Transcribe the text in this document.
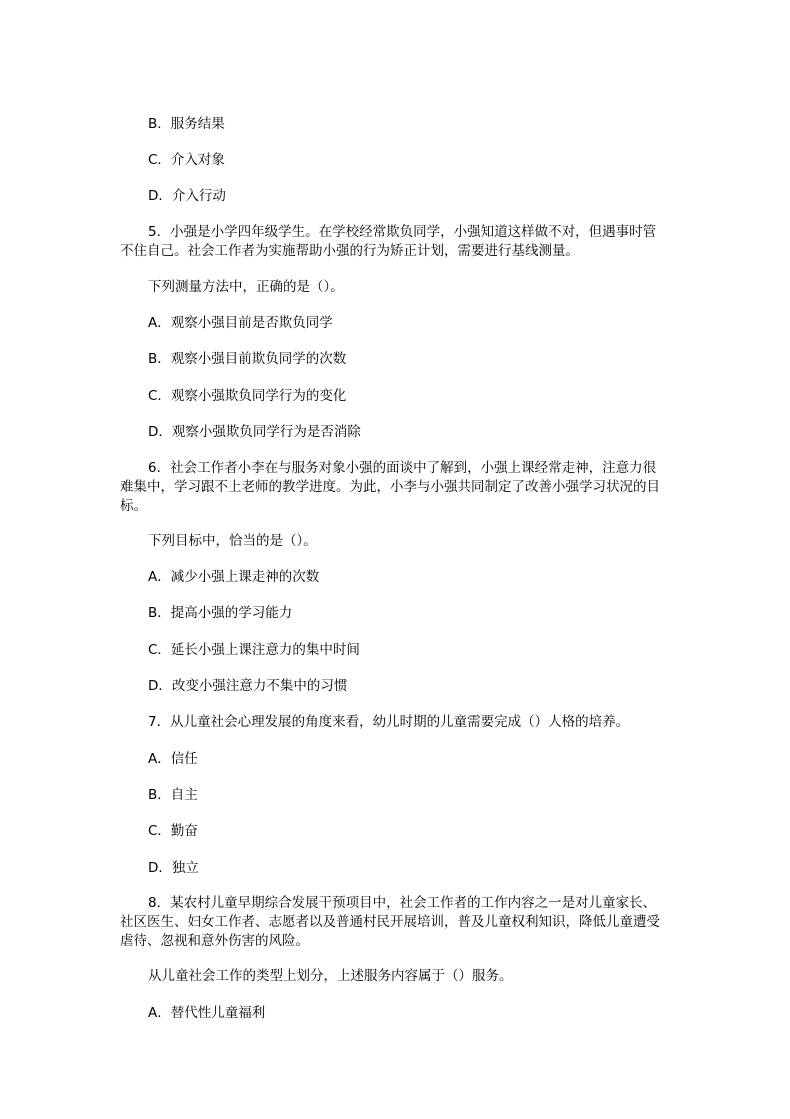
B．服务结果

C．介入对象

D．介入行动

5．小强是小学四年级学生。在学校经常欺负同学，小强知道这样做不对，但遇事时管不住自己。社会工作者为实施帮助小强的行为矫正计划，需要进行基线测量。

下列测量方法中，正确的是（）。

A．观察小强目前是否欺负同学

B．观察小强目前欺负同学的次数

C．观察小强欺负同学行为的变化

D．观察小强欺负同学行为是否消除

6．社会工作者小李在与服务对象小强的面谈中了解到，小强上课经常走神，注意力很难集中，学习跟不上老师的教学进度。为此，小李与小强共同制定了改善小强学习状况的目标。

下列目标中，恰当的是（）。

A．减少小强上课走神的次数

B．提高小强的学习能力

C．延长小强上课注意力的集中时间

D．改变小强注意力不集中的习惯

7．从儿童社会心理发展的角度来看，幼儿时期的儿童需要完成（）人格的培养。

A．信任

B．自主

C．勤奋

D．独立

8．某农村儿童早期综合发展干预项目中，社会工作者的工作内容之一是对儿童家长、社区医生、妇女工作者、志愿者以及普通村民开展培训，普及儿童权利知识，降低儿童遭受虐待、忽视和意外伤害的风险。

从儿童社会工作的类型上划分，上述服务内容属于（）服务。

A．替代性儿童福利
